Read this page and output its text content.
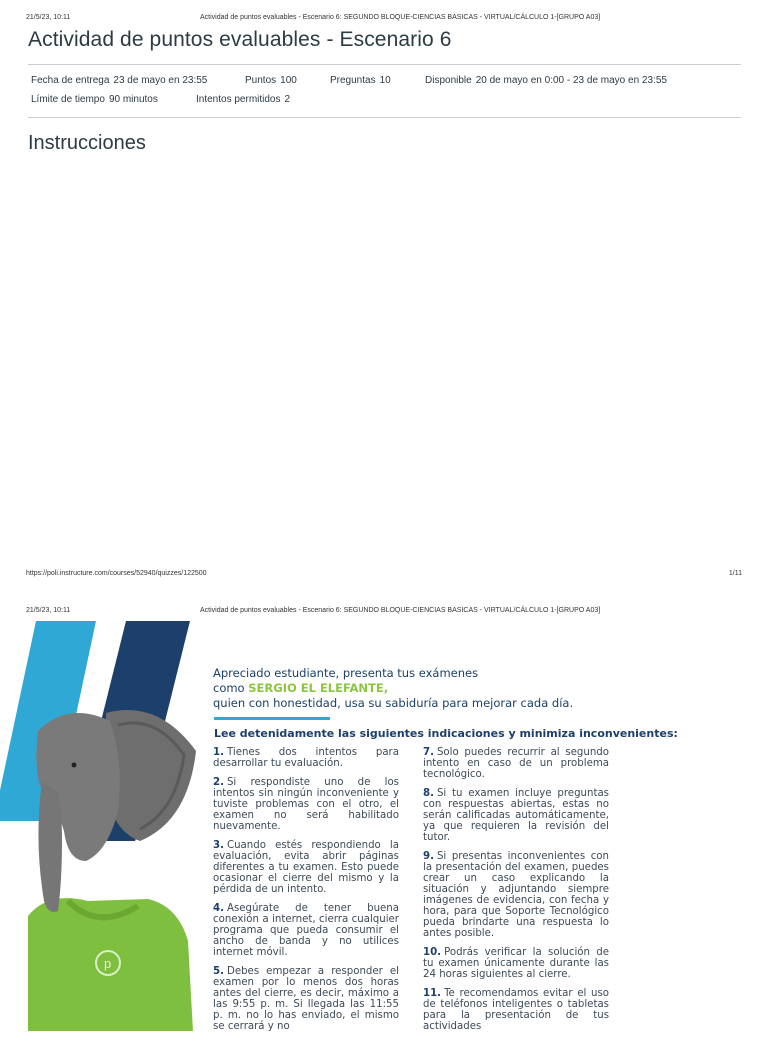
21/5/23, 10:11	Actividad de puntos evaluables - Escenario 6: SEGUNDO BLOQUE-CIENCIAS BASICAS - VIRTUAL/CÁLCULO 1-[GRUPO A03]
Actividad de puntos evaluables - Escenario 6
Fecha de entrega 23 de mayo en 23:55	Puntos 100	Preguntas 10	Disponible 20 de mayo en 0:00 - 23 de mayo en 23:55
Límite de tiempo 90 minutos	Intentos permitidos 2
Instrucciones
https://poli.instructure.com/courses/52940/quizzes/122500	1/11
21/5/23, 10:11	Actividad de puntos evaluables - Escenario 6: SEGUNDO BLOQUE-CIENCIAS BASICAS - VIRTUAL/CÁLCULO 1-[GRUPO A03]
p
Apreciado estudiante, presenta tus exámenes
como SERGIO EL ELEFANTE,
quien con honestidad, usa su sabiduría para mejorar cada día.
Lee detenidamente las siguientes indicaciones y minimiza inconvenientes:
1. Tienes dos intentos para desarrollar tu evaluación.
2. Si respondiste uno de los intentos sin ningún inconveniente y tuviste problemas con el otro, el examen no será habilitado nuevamente.
3. Cuando estés respondiendo la evaluación, evita abrir páginas diferentes a tu examen. Esto puede ocasionar el cierre del mismo y la pérdida de un intento.
4. Asegúrate de tener buena conexión a internet, cierra cualquier programa que pueda consumir el ancho de banda y no utilices internet móvil.
5. Debes empezar a responder el examen por lo menos dos horas antes del cierre, es decir, máximo a las 9:55 p. m. Si llegada las 11:55 p. m. no lo has enviado, el mismo se cerrará y no
7. Solo puedes recurrir al segundo intento en caso de un problema tecnológico.
8. Si tu examen incluye preguntas con respuestas abiertas, estas no serán calificadas automáticamente, ya que requieren la revisión del tutor.
9. Si presentas inconvenientes con la presentación del examen, puedes crear un caso explicando la situación y adjuntando siempre imágenes de evidencia, con fecha y hora, para que Soporte Tecnológico pueda brindarte una respuesta lo antes posible.
10. Podrás verificar la solución de tu examen únicamente durante las 24 horas siguientes al cierre.
11. Te recomendamos evitar el uso de teléfonos inteligentes o tabletas para la presentación de tus actividades
